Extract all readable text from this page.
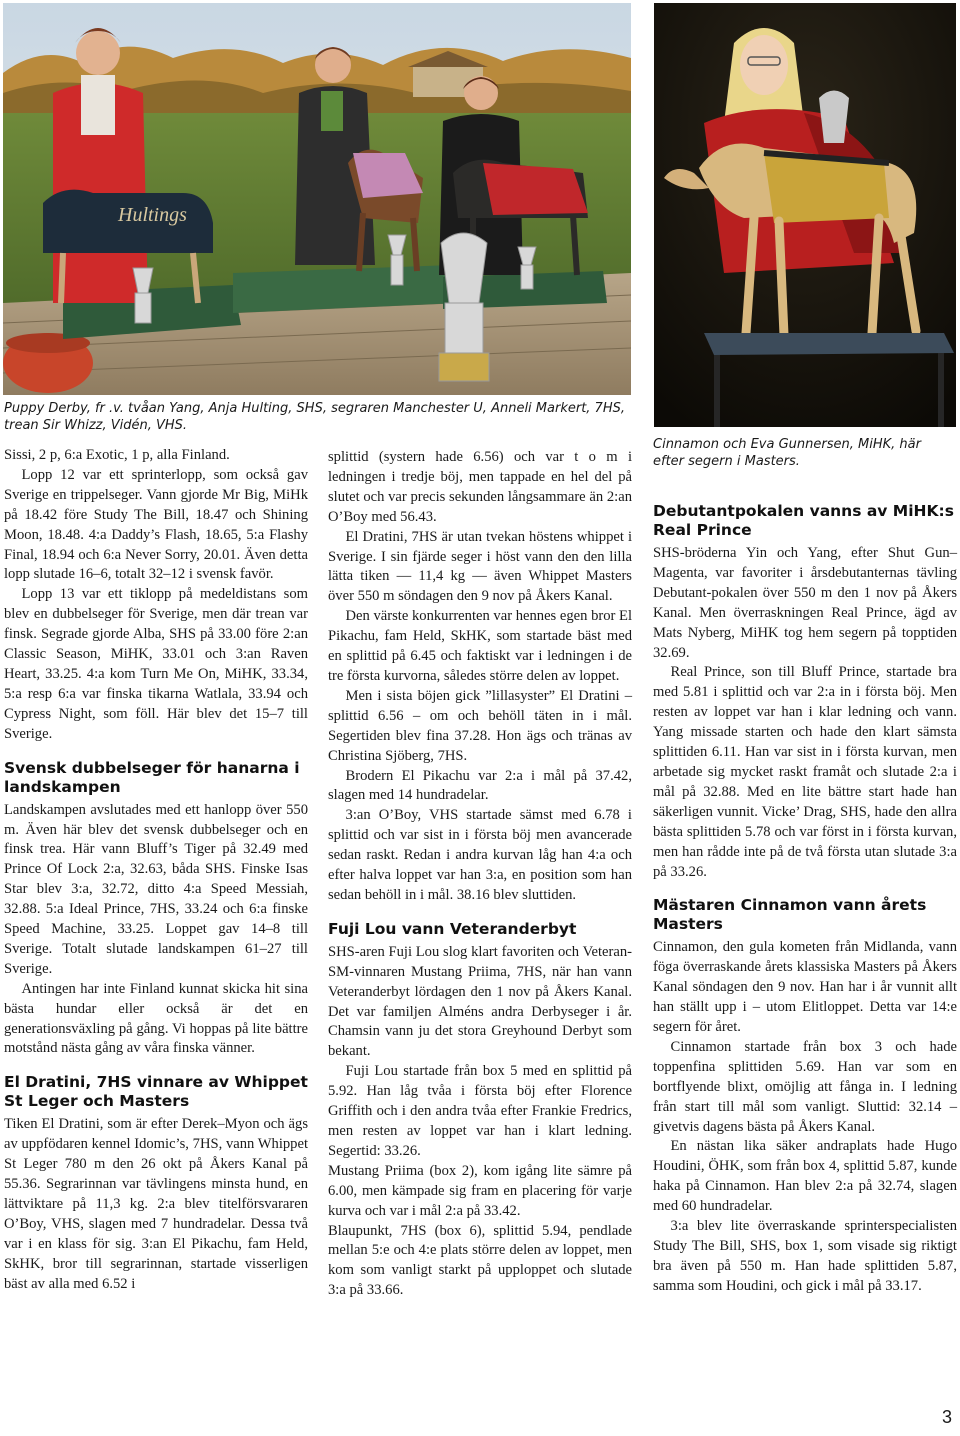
Hultings
Puppy Derby, fr .v. tvåan Yang, Anja Hulting, SHS, segraren Manchester U, Anneli Markert, 7HS, trean Sir Whizz, Vidén, VHS.
Cinnamon och Eva Gunnersen, MiHK, här efter segern i Masters.

Sissi, 2 p, 6:a Exotic, 1 p, alla Finland.

Lopp 12 var ett sprinterlopp, som också gav Sverige en trippelseger. Vann gjorde Mr Big, MiHk på 18.42 före Study The Bill, 18.47 och Shining Moon, 18.48. 4:a Daddy’s Flash, 18.65, 5:a Flashy Final, 18.94 och 6:a Never Sorry, 20.01. Även detta lopp slutade 16–6, totalt 32–12 i svensk favör.

Lopp 13 var ett tiklopp på medeldistans som blev en dubbelseger för Sverige, men där trean var finsk. Segrade gjorde Alba, SHS på 33.00 före 2:an Classic Season, MiHK, 33.01 och 3:an Raven Heart, 33.25. 4:a kom Turn Me On, MiHK, 33.34, 5:a resp 6:a var finska tikarna Watlala, 33.94 och Cypress Night, som föll. Här blev det 15–7 till Sverige.

Svensk dubbelseger för hanarna i landskampen

Landskampen avslutades med ett hanlopp över 550 m. Även här blev det svensk dubbelseger och en finsk trea. Här vann Bluff’s Tiger på 32.49 med Prince Of Lock 2:a, 32.63, båda SHS. Finske Isas Star blev 3:a, 32.72, ditto 4:a Speed Messiah, 32.88. 5:a Ideal Prince, 7HS, 33.24 och 6:a finske Speed Machine, 33.25. Loppet gav 14–8 till Sverige. Totalt slutade landskampen 61–27 till Sverige.

Antingen har inte Finland kunnat skicka hit sina bästa hundar eller också är det en generationsväxling på gång. Vi hoppas på lite bättre motstånd nästa gång av våra finska vänner.

El Dratini, 7HS vinnare av Whippet St Leger och Masters

Tiken El Dratini, som är efter Derek–Myon och ägs av uppfödaren kennel Idomic’s, 7HS, vann Whippet St Leger 780 m den 26 okt på Åkers Kanal på 55.36. Segrarinnan var tävlingens minsta hund, en lättviktare på 11,3 kg. 2:a blev titelförsvararen O’Boy, VHS, slagen med 7 hundradelar. Dessa två var i en klass för sig. 3:an El Pikachu, fam Held, SkHK, bror till segrarinnan, startade visserligen bäst av alla med 6.52 i

splittid (systern hade 6.56) och var t o m i ledningen i tredje böj, men tappade en hel del på slutet och var precis sekunden långsammare än 2:an O’Boy med 56.43.

El Dratini, 7HS är utan tvekan höstens whippet i Sverige. I sin fjärde seger i höst vann den den lilla lätta tiken — 11,4 kg — även Whippet Masters över 550 m söndagen den 9 nov på Åkers Kanal.

Den värste konkurrenten var hennes egen bror El Pikachu, fam Held, SkHK, som startade bäst med en splittid på 6.45 och faktiskt var i ledningen i de tre första kurvorna, således större delen av loppet.

Men i sista böjen gick ”lillasyster” El Dratini – splittid 6.56 – om och behöll täten in i mål. Segertiden blev fina 37.28. Hon ägs och tränas av Christina Sjöberg, 7HS.

Brodern El Pikachu var 2:a i mål på 37.42, slagen med 14 hundradelar.

3:an O’Boy, VHS startade sämst med 6.78 i splittid och var sist in i första böj men avancerade sedan raskt. Redan i andra kurvan låg han 4:a och efter halva loppet var han 3:a, en position som han sedan behöll in i mål. 38.16 blev sluttiden.

Fuji Lou vann Veteranderbyt

SHS-aren Fuji Lou slog klart favoriten och Veteran-SM-vinnaren Mustang Priima, 7HS, när han vann Veteranderbyt lördagen den 1 nov på Åkers Kanal. Det var familjen Alméns andra Derbyseger i år. Chamsin vann ju det stora Greyhound Derbyt som bekant.

Fuji Lou startade från box 5 med en splittid på 5.92. Han låg tvåa i första böj efter Florence Griffith och i den andra tvåa efter Frankie Fredrics, men resten av loppet var han i klart ledning. Segertid: 33.26.

Mustang Priima (box 2), kom igång lite sämre på 6.00, men kämpade sig fram en placering för varje kurva och var i mål 2:a på 33.42.

Blaupunkt, 7HS (box 6), splittid 5.94, pendlade mellan 5:e och 4:e plats större delen av loppet, men kom som vanligt starkt på upploppet och slutade 3:a på 33.66.

Debutantpokalen vanns av MiHK:s Real Prince

SHS-bröderna Yin och Yang, efter Shut Gun–Magenta, var favoriter i årsdebutanternas tävling Debutant-pokalen över 550 m den 1 nov på Åkers Kanal. Men överraskningen Real Prince, ägd av Mats Nyberg, MiHK tog hem segern på topptiden 32.69.

Real Prince, son till Bluff Prince, startade bra med 5.81 i splittid och var 2:a in i första böj. Men resten av loppet var han i klar ledning och vann. Yang missade starten och hade den klart sämsta splittiden 6.11. Han var sist in i första kurvan, men arbetade sig mycket raskt framåt och slutade 2:a i mål på 32.88. Med en lite bättre start hade han säkerligen vunnit. Vicke’ Drag, SHS, hade den allra bästa splittiden 5.78 och var först in i första kurvan, men han rådde inte på de två första utan slutade 3:a på 33.26.

Mästaren Cinnamon vann årets Masters

Cinnamon, den gula kometen från Midlanda, vann föga överraskande årets klassiska Masters på Åkers Kanal söndagen den 9 nov. Han har i år vunnit allt han ställt upp i – utom Elitloppet. Detta var 14:e segern för året.

Cinnamon startade från box 3 och hade toppenfina splittiden 5.69. Han var som en bortflyende blixt, omöjlig att fånga in. I ledning från start till mål som vanligt. Sluttid: 32.14 – givetvis dagens bästa på Åkers Kanal.

En nästan lika säker andraplats hade Hugo Houdini, ÖHK, som från box 4, splittid 5.87, kunde haka på Cinnamon. Han blev 2:a på 32.74, slagen med 60 hundradelar.

3:a blev lite överraskande sprinterspecialisten Study The Bill, SHS, box 1, som visade sig riktigt bra även på 550 m. Han hade splittiden 5.87, samma som Houdini, och gick i mål på 33.17.

3
